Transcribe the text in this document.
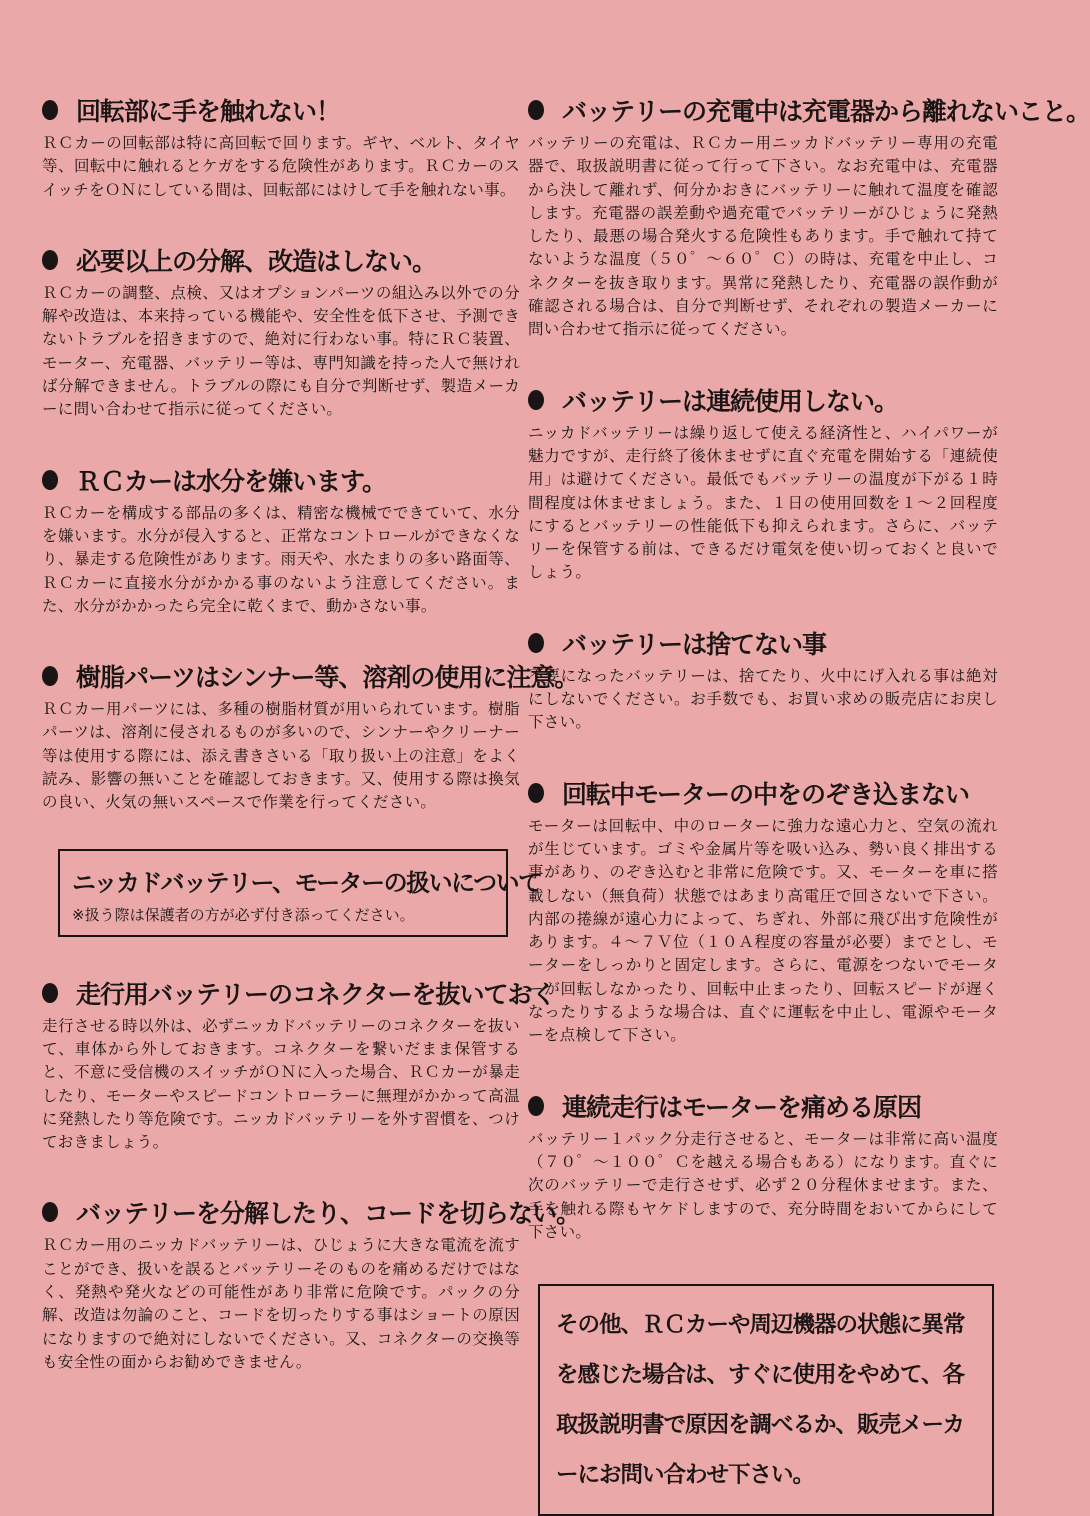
回転部に手を触れない！
ＲＣカーの回転部は特に高回転で回ります。ギヤ、ベルト、タイヤ等、回転中に触れるとケガをする危険性があります。ＲＣカーのスイッチをＯＮにしている間は、回転部にはけして手を触れない事。
必要以上の分解、改造はしない。
ＲＣカーの調整、点検、又はオプションパーツの組込み以外での分解や改造は、本来持っている機能や、安全性を低下させ、予測できないトラブルを招きますので、絶対に行わない事。特にＲＣ装置、モーター、充電器、バッテリー等は、専門知識を持った人で無ければ分解できません。トラブルの際にも自分で判断せず、製造メーカーに問い合わせて指示に従ってください。
ＲＣカーは水分を嫌います。
ＲＣカーを構成する部品の多くは、精密な機械でできていて、水分を嫌います。水分が侵入すると、正常なコントロールができなくなり、暴走する危険性があります。雨天や、水たまりの多い路面等、ＲＣカーに直接水分がかかる事のないよう注意してください。また、水分がかかったら完全に乾くまで、動かさない事。
樹脂パーツはシンナー等、溶剤の使用に注意。
ＲＣカー用パーツには、多種の樹脂材質が用いられています。樹脂パーツは、溶剤に侵されるものが多いので、シンナーやクリーナー等は使用する際には、添え書きさいる「取り扱い上の注意」をよく読み、影響の無いことを確認しておきます。又、使用する際は換気の良い、火気の無いスペースで作業を行ってください。
ニッカドバッテリー、モーターの扱いについて
※扱う際は保護者の方が必ず付き添ってください。
走行用バッテリーのコネクターを抜いておく
走行させる時以外は、必ずニッカドバッテリーのコネクターを抜いて、車体から外しておきます。コネクターを繋いだまま保管すると、不意に受信機のスイッチがＯＮに入った場合、ＲＣカーが暴走したり、モーターやスピードコントローラーに無理がかかって高温に発熱したり等危険です。ニッカドバッテリーを外す習慣を、つけておきましょう。
バッテリーを分解したり、コードを切らない。
ＲＣカー用のニッカドバッテリーは、ひじょうに大きな電流を流すことができ、扱いを誤るとバッテリーそのものを痛めるだけではなく、発熱や発火などの可能性があり非常に危険です。パックの分解、改造は勿論のこと、コードを切ったりする事はショートの原因になりますので絶対にしないでください。又、コネクターの交換等も安全性の面からお勧めできません。
バッテリーの充電中は充電器から離れないこと。
バッテリーの充電は、ＲＣカー用ニッカドバッテリー専用の充電器で、取扱説明書に従って行って下さい。なお充電中は、充電器から決して離れず、何分かおきにバッテリーに触れて温度を確認します。充電器の誤差動や過充電でバッテリーがひじょうに発熱したり、最悪の場合発火する危険性もあります。手で触れて持てないような温度（５０゜～６０゜Ｃ）の時は、充電を中止し、コネクターを抜き取ります。異常に発熱したり、充電器の誤作動が確認される場合は、自分で判断せず、それぞれの製造メーカーに問い合わせて指示に従ってください。
バッテリーは連続使用しない。
ニッカドバッテリーは繰り返して使える経済性と、ハイパワーが魅力ですが、走行終了後休ませずに直ぐ充電を開始する「連続使用」は避けてください。最低でもバッテリーの温度が下がる１時間程度は休ませましょう。また、１日の使用回数を１～２回程度にするとバッテリーの性能低下も抑えられます。さらに、バッテリーを保管する前は、できるだけ電気を使い切っておくと良いでしょう。
バッテリーは捨てない事
不要になったバッテリーは、捨てたり、火中にげ入れる事は絶対にしないでください。お手数でも、お買い求めの販売店にお戻し下さい。
回転中モーターの中をのぞき込まない
モーターは回転中、中のローターに強力な遠心力と、空気の流れが生じています。ゴミや金属片等を吸い込み、勢い良く排出する事があり、のぞき込むと非常に危険です。又、モーターを車に搭載しない（無負荷）状態ではあまり高電圧で回さないで下さい。内部の捲線が遠心力によって、ちぎれ、外部に飛び出す危険性があります。４～７Ｖ位（１０Ａ程度の容量が必要）までとし、モーターをしっかりと固定します。さらに、電源をつないでモーターが回転しなかったり、回転中止まったり、回転スピードが遅くなったりするような場合は、直ぐに運転を中止し、電源やモーターを点検して下さい。
連続走行はモーターを痛める原因
バッテリー１パック分走行させると、モーターは非常に高い温度（７０゜～１００゜Ｃを越える場合もある）になります。直ぐに次のバッテリーで走行させず、必ず２０分程休ませます。また、手を触れる際もヤケドしますので、充分時間をおいてからにして下さい。
その他、ＲＣカーや周辺機器の状態に異常を感じた場合は、すぐに使用をやめて、各取扱説明書で原因を調べるか、販売メーカーにお問い合わせ下さい。
